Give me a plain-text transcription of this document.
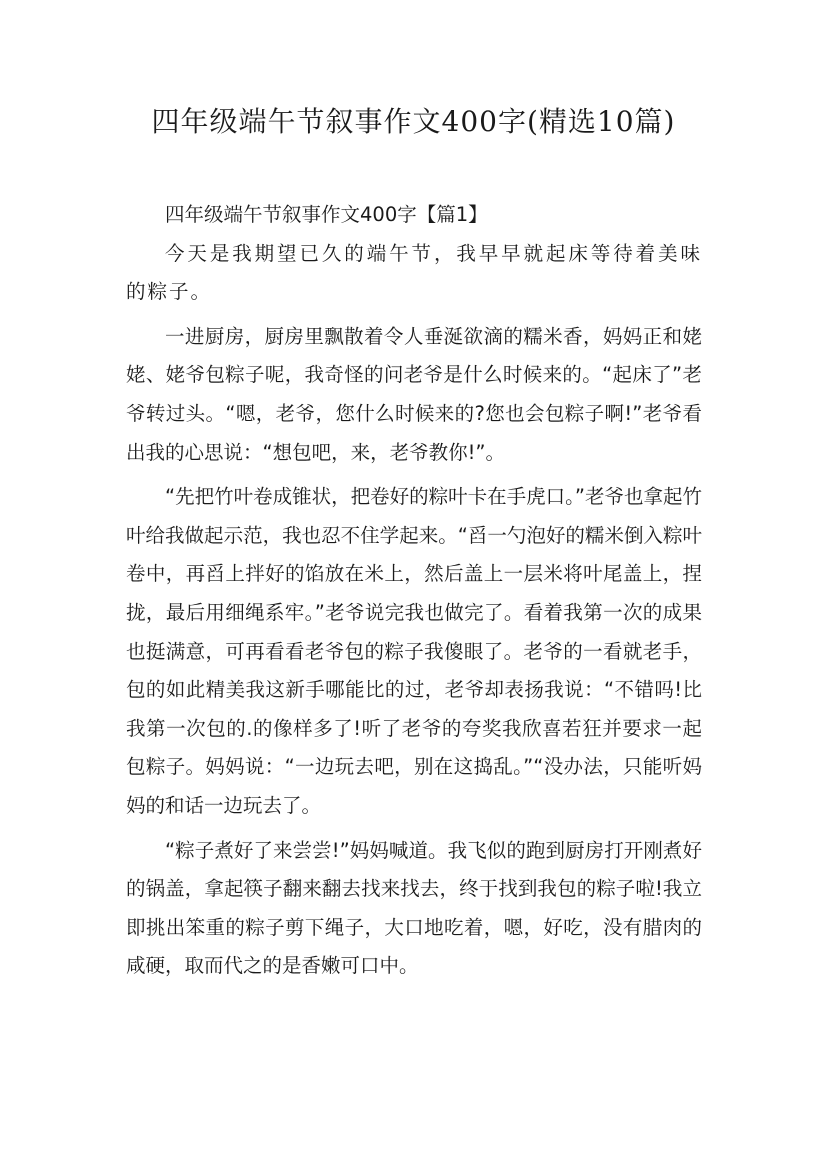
四年级端午节叙事作文400字(精选10篇)

四年级端午节叙事作文400字【篇1】

今天是我期望已久的端午节，我早早就起床等待着美味的粽子。

一进厨房，厨房里飘散着令人垂涎欲滴的糯米香，妈妈正和姥姥、姥爷包粽子呢，我奇怪的问老爷是什么时候来的。“起床了”老爷转过头。“嗯，老爷，您什么时候来的?您也会包粽子啊!”老爷看出我的心思说：“想包吧，来，老爷教你!”。

“先把竹叶卷成锥状，把卷好的粽叶卡在手虎口。”老爷也拿起竹叶给我做起示范，我也忍不住学起来。“舀一勺泡好的糯米倒入粽叶卷中，再舀上拌好的馅放在米上，然后盖上一层米将叶尾盖上，捏拢，最后用细绳系牢。”老爷说完我也做完了。看着我第一次的成果也挺满意，可再看看老爷包的粽子我傻眼了。老爷的一看就老手，包的如此精美我这新手哪能比的过，老爷却表扬我说：“不错吗!比我第一次包的.的像样多了!听了老爷的夸奖我欣喜若狂并要求一起包粽子。妈妈说：“一边玩去吧，别在这捣乱。”“没办法，只能听妈妈的和话一边玩去了。

“粽子煮好了来尝尝!”妈妈喊道。我飞似的跑到厨房打开刚煮好的锅盖，拿起筷子翻来翻去找来找去，终于找到我包的粽子啦!我立即挑出笨重的粽子剪下绳子，大口地吃着，嗯，好吃，没有腊肉的咸硬，取而代之的是香嫩可口中。
